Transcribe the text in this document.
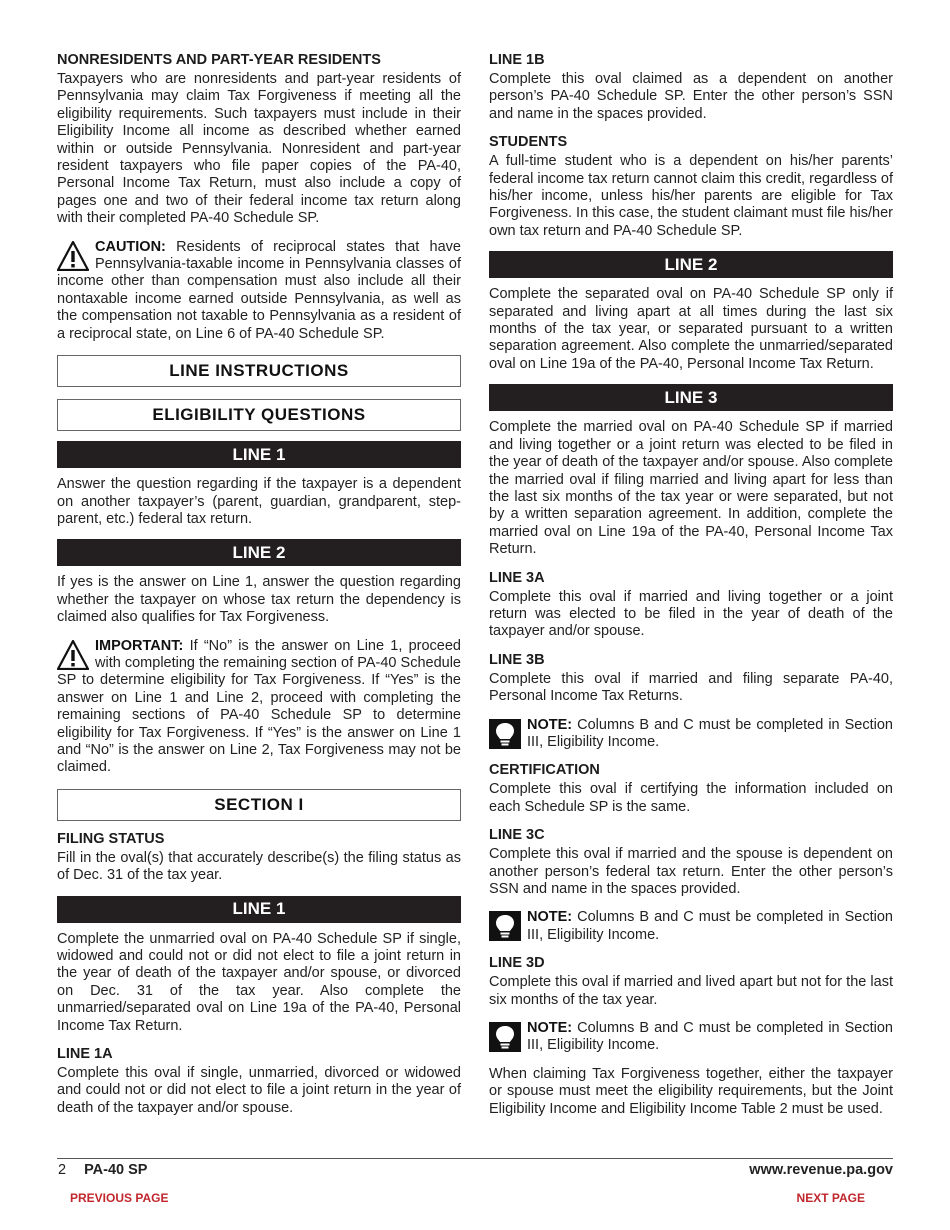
NONRESIDENTS AND PART-YEAR RESIDENTS

Taxpayers who are nonresidents and part-year residents of Pennsylvania may claim Tax Forgiveness if meeting all the eligibility requirements. Such taxpayers must include in their Eligibility Income all income as described whether earned within or outside Pennsylvania. Nonresident and part-year resident taxpayers who file paper copies of the PA-40, Personal Income Tax Return, must also include a copy of pages one and two of their federal income tax return along with their completed PA-40 Schedule SP.

CAUTION: Residents of reciprocal states that have Pennsylvania-taxable income in Pennsylvania classes of income other than compensation must also include all their nontaxable income earned outside Pennsylvania, as well as the compensation not taxable to Pennsylvania as a resident of a reciprocal state, on Line 6 of PA-40 Schedule SP.

LINE INSTRUCTIONS
ELIGIBILITY QUESTIONS
LINE 1

Answer the question regarding if the taxpayer is a dependent on another taxpayer’s (parent, guardian, grandparent, step-parent, etc.) federal tax return.

LINE 2

If yes is the answer on Line 1, answer the question regarding whether the taxpayer on whose tax return the dependency is claimed also qualifies for Tax Forgiveness.

IMPORTANT: If “No” is the answer on Line 1, proceed with completing the remaining section of PA-40 Schedule SP to determine eligibility for Tax Forgiveness. If “Yes” is the answer on Line 1 and Line 2, proceed with completing the remaining sections of PA-40 Schedule SP to determine eligibility for Tax Forgiveness. If “Yes” is the answer on Line 1 and “No” is the answer on Line 2, Tax Forgiveness may not be claimed.

SECTION I
FILING STATUS

Fill in the oval(s) that accurately describe(s) the filing status as of Dec. 31 of the tax year.

LINE 1

Complete the unmarried oval on PA-40 Schedule SP if single, widowed and could not or did not elect to file a joint return in the year of death of the taxpayer and/or spouse, or divorced on Dec. 31 of the tax year. Also complete the unmarried/separated oval on Line 19a of the PA-40, Personal Income Tax Return.

LINE 1A

Complete this oval if single, unmarried, divorced or widowed and could not or did not elect to file a joint return in the year of death of the taxpayer and/or spouse.

LINE 1B

Complete this oval claimed as a dependent on another person’s PA-40 Schedule SP. Enter the other person’s SSN and name in the spaces provided.

STUDENTS

A full-time student who is a dependent on his/her parents’ federal income tax return cannot claim this credit, regardless of his/her income, unless his/her parents are eligible for Tax Forgiveness. In this case, the student claimant must file his/her own tax return and PA-40 Schedule SP.

LINE 2

Complete the separated oval on PA-40 Schedule SP only if separated and living apart at all times during the last six months of the tax year, or separated pursuant to a written separation agreement. Also complete the unmarried/separated oval on Line 19a of the PA-40, Personal Income Tax Return.

LINE 3

Complete the married oval on PA-40 Schedule SP if married and living together or a joint return was elected to be filed in the year of death of the taxpayer and/or spouse. Also complete the married oval if filing married and living apart for less than the last six months of the tax year or were separated, but not by a written separation agreement. In addition, complete the married oval on Line 19a of the PA-40, Personal Income Tax Return.

LINE 3A

Complete this oval if married and living together or a joint return was elected to be filed in the year of death of the taxpayer and/or spouse.

LINE 3B

Complete this oval if married and filing separate PA-40, Personal Income Tax Returns.

NOTE: Columns B and C must be completed in Section III, Eligibility Income.

CERTIFICATION

Complete this oval if certifying the information included on each Schedule SP is the same.

LINE 3C

Complete this oval if married and the spouse is dependent on another person’s federal tax return. Enter the other person’s SSN and name in the spaces provided.

NOTE: Columns B and C must be completed in Section III, Eligibility Income.

LINE 3D

Complete this oval if married and lived apart but not for the last six months of the tax year.

NOTE: Columns B and C must be completed in Section III, Eligibility Income.

When claiming Tax Forgiveness together, either the taxpayer or spouse must meet the eligibility requirements, but the Joint Eligibility Income and Eligibility Income Table 2 must be used.

2 PA-40 SP	www.revenue.pa.gov
PREVIOUS PAGE	NEXT PAGE
